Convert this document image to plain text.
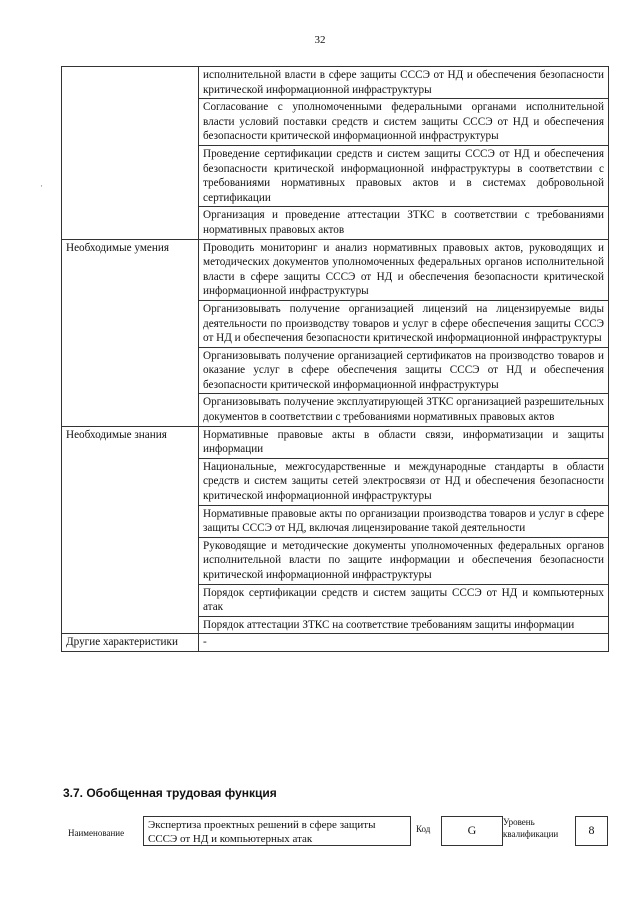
32
·
	исполнительной власти в сфере защиты СССЭ от НД и обеспечения безопасности критической информационной инфраструктуры
	Согласование с уполномоченными федеральными органами исполнительной власти условий поставки средств и систем защиты СССЭ от НД и обеспечения безопасности критической информационной инфраструктуры
	Проведение сертификации средств и систем защиты СССЭ от НД и обеспечения безопасности критической информационной инфраструктуры в соответствии с требованиями нормативных правовых актов и в системах добровольной сертификации
	Организация и проведение аттестации ЗТКС в соответствии с требованиями нормативных правовых актов
Необходимые умения	Проводить мониторинг и анализ нормативных правовых актов, руководящих и методических документов уполномоченных федеральных органов исполнительной власти в сфере защиты СССЭ от НД и обеспечения безопасности критической информационной инфраструктуры
	Организовывать получение организацией лицензий на лицензируемые виды деятельности по производству товаров и услуг в сфере обеспечения защиты СССЭ от НД и обеспечения безопасности критической информационной инфраструктуры
	Организовывать получение организацией сертификатов на производство товаров и оказание услуг в сфере обеспечения защиты СССЭ от НД и обеспечения безопасности критической информационной инфраструктуры
	Организовывать получение эксплуатирующей ЗТКС организацией разрешительных документов в соответствии с требованиями нормативных правовых актов
Необходимые знания	Нормативные правовые акты в области связи, информатизации и защиты информации
	Национальные, межгосударственные и международные стандарты в области средств и систем защиты сетей электросвязи от НД и обеспечения безопасности критической информационной инфраструктуры
	Нормативные правовые акты по организации производства товаров и услуг в сфере защиты СССЭ от НД, включая лицензирование такой деятельности
	Руководящие и методические документы уполномоченных федеральных органов исполнительной власти по защите информации и обеспечения безопасности критической информационной инфраструктуры
	Порядок сертификации средств и систем защиты СССЭ от НД и компьютерных атак
	Порядок аттестации ЗТКС на соответствие требованиям защиты информации
Другие характеристики	-
3.7. Обобщенная трудовая функция
Наименование
Экспертиза проектных решений в сфере защиты СССЭ от НД и компьютерных атак
Код	G
Уровень
квалификации	8
